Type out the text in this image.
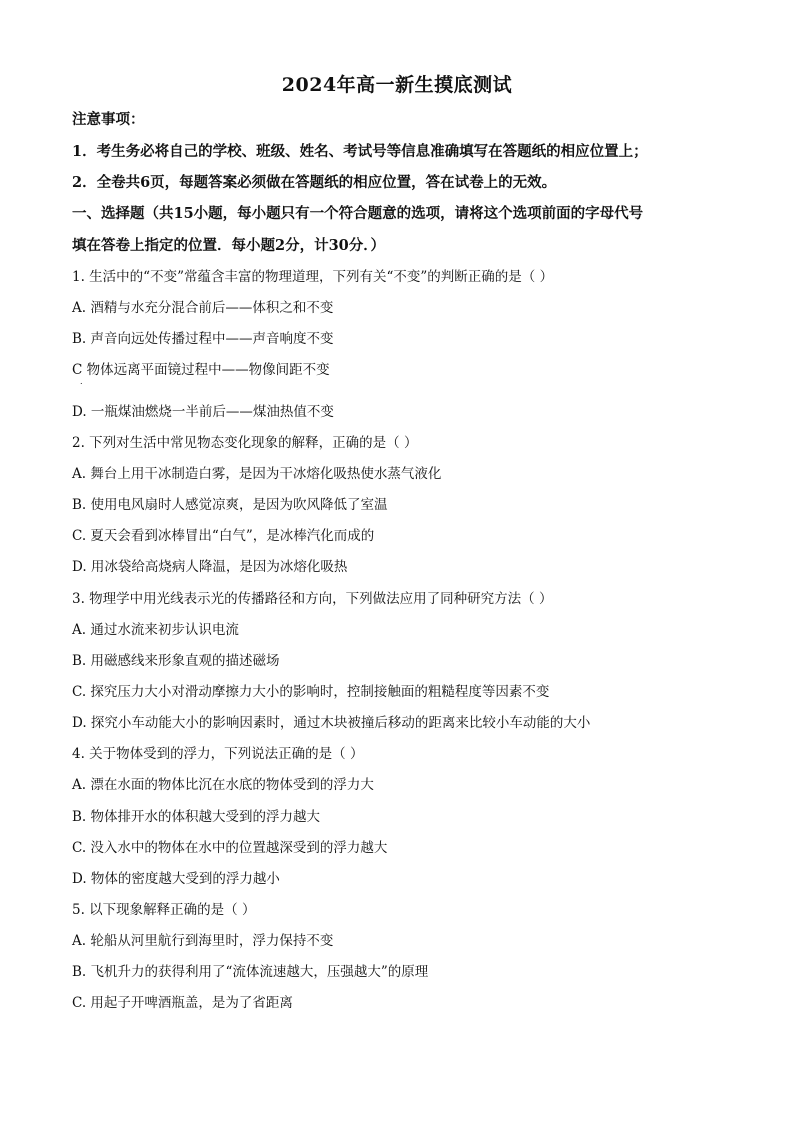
2024年高一新生摸底测试
注意事项：
1．考生务必将自己的学校、班级、姓名、考试号等信息准确填写在答题纸的相应位置上；
2．全卷共6页，每题答案必须做在答题纸的相应位置，答在试卷上的无效。
一、选择题（共15小题，每小题只有一个符合题意的选项，请将这个选项前面的字母代号
填在答卷上指定的位置．每小题2分，计30分．）
1. 生活中的“不变”常蕴含丰富的物理道理，下列有关“不变”的判断正确的是（ ）
A. 酒精与水充分混合前后——体积之和不变
B. 声音向远处传播过程中——声音响度不变
C 物体远离平面镜过程中——物像间距不变
.
D. 一瓶煤油燃烧一半前后——煤油热值不变
2. 下列对生活中常见物态变化现象的解释，正确的是（ ）
A. 舞台上用干冰制造白雾，是因为干冰熔化吸热使水蒸气液化
B. 使用电风扇时人感觉凉爽，是因为吹风降低了室温
C. 夏天会看到冰棒冒出“白气”，是冰棒汽化而成的
D. 用冰袋给高烧病人降温，是因为冰熔化吸热
3. 物理学中用光线表示光的传播路径和方向，下列做法应用了同种研究方法（ ）
A. 通过水流来初步认识电流
B. 用磁感线来形象直观的描述磁场
C. 探究压力大小对滑动摩擦力大小的影响时，控制接触面的粗糙程度等因素不变
D. 探究小车动能大小的影响因素时，通过木块被撞后移动的距离来比较小车动能的大小
4. 关于物体受到的浮力，下列说法正确的是（ ）
A. 漂在水面的物体比沉在水底的物体受到的浮力大
B. 物体排开水的体积越大受到的浮力越大
C. 没入水中的物体在水中的位置越深受到的浮力越大
D. 物体的密度越大受到的浮力越小
5. 以下现象解释正确的是（ ）
A. 轮船从河里航行到海里时，浮力保持不变
B. 飞机升力的获得利用了“流体流速越大，压强越大”的原理
C. 用起子开啤酒瓶盖，是为了省距离
